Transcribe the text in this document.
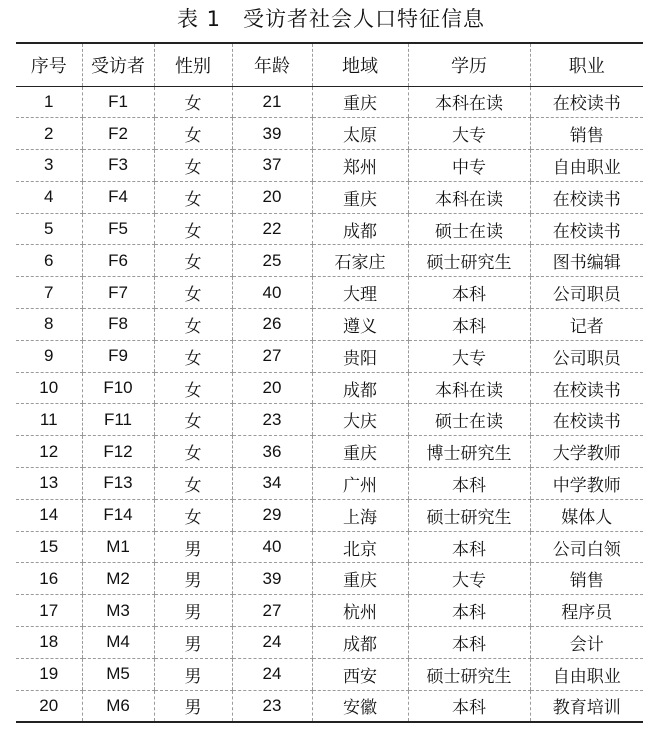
表 1　受访者社会人口特征信息
序号	受访者	性别	年龄	地域	学历	职业
1	F1	女	21	重庆	本科在读	在校读书
2	F2	女	39	太原	大专	销售
3	F3	女	37	郑州	中专	自由职业
4	F4	女	20	重庆	本科在读	在校读书
5	F5	女	22	成都	硕士在读	在校读书
6	F6	女	25	石家庄	硕士研究生	图书编辑
7	F7	女	40	大理	本科	公司职员
8	F8	女	26	遵义	本科	记者
9	F9	女	27	贵阳	大专	公司职员
10	F10	女	20	成都	本科在读	在校读书
11	F11	女	23	大庆	硕士在读	在校读书
12	F12	女	36	重庆	博士研究生	大学教师
13	F13	女	34	广州	本科	中学教师
14	F14	女	29	上海	硕士研究生	媒体人
15	M1	男	40	北京	本科	公司白领
16	M2	男	39	重庆	大专	销售
17	M3	男	27	杭州	本科	程序员
18	M4	男	24	成都	本科	会计
19	M5	男	24	西安	硕士研究生	自由职业
20	M6	男	23	安徽	本科	教育培训
